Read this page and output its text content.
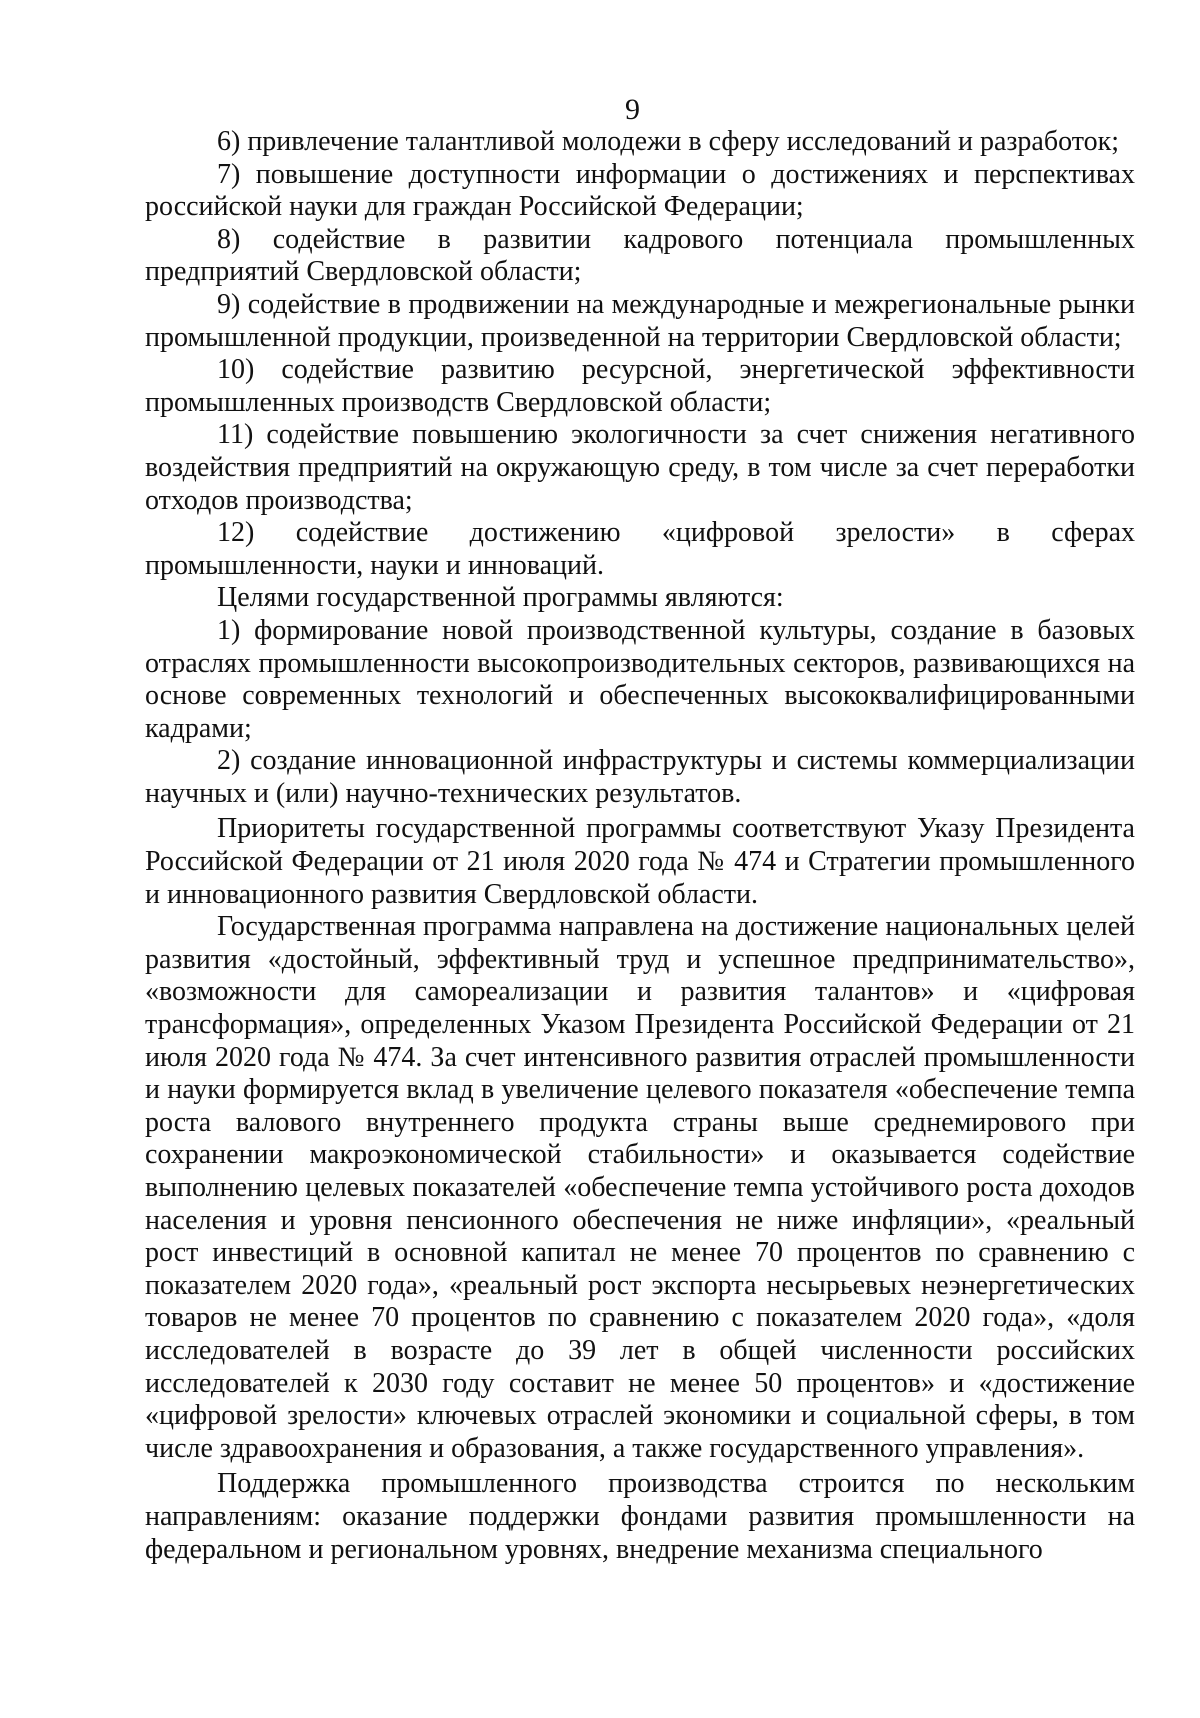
9

6) привлечение талантливой молодежи в сферу исследований и разработок;

7) повышение доступности информации о достижениях и перспективах российской науки для граждан Российской Федерации;

8) содействие в развитии кадрового потенциала промышленных предприятий Свердловской области;

9) содействие в продвижении на международные и межрегиональные рынки промышленной продукции, произведенной на территории Свердловской области;

10) содействие развитию ресурсной, энергетической эффективности промышленных производств Свердловской области;

11) содействие повышению экологичности за счет снижения негативного воздействия предприятий на окружающую среду, в том числе за счет переработки отходов производства;

12) содействие достижению «цифровой зрелости» в сферах промышленности, науки и инноваций.

Целями государственной программы являются:

1) формирование новой производственной культуры, создание в базовых отраслях промышленности высокопроизводительных секторов, развивающихся на основе современных технологий и обеспеченных высококвалифицированными кадрами;

2) создание инновационной инфраструктуры и системы коммерциализации научных и (или) научно-технических результатов.

Приоритеты государственной программы соответствуют Указу Президента Российской Федерации от 21 июля 2020 года № 474 и Стратегии промышленного и инновационного развития Свердловской области.

Государственная программа направлена на достижение национальных целей развития «достойный, эффективный труд и успешное предпринимательство», «возможности для самореализации и развития талантов» и «цифровая трансформация», определенных Указом Президента Российской Федерации от 21 июля 2020 года № 474. За счет интенсивного развития отраслей промышленности и науки формируется вклад в увеличение целевого показателя «обеспечение темпа роста валового внутреннего продукта страны выше среднемирового при сохранении макроэкономической стабильности» и оказывается содействие выполнению целевых показателей «обеспечение темпа устойчивого роста доходов населения и уровня пенсионного обеспечения не ниже инфляции», «реальный рост инвестиций в основной капитал не менее 70 процентов по сравнению с показателем 2020 года», «реальный рост экспорта несырьевых неэнергетических товаров не менее 70 процентов по сравнению с показателем 2020 года», «доля исследователей в возрасте до 39 лет в общей численности российских исследователей к 2030 году составит не менее 50 процентов» и «достижение «цифровой зрелости» ключевых отраслей экономики и социальной сферы, в том числе здравоохранения и образования, а также государственного управления».

Поддержка промышленного производства строится по нескольким направлениям: оказание поддержки фондами развития промышленности на федеральном и региональном уровнях, внедрение механизма специального
